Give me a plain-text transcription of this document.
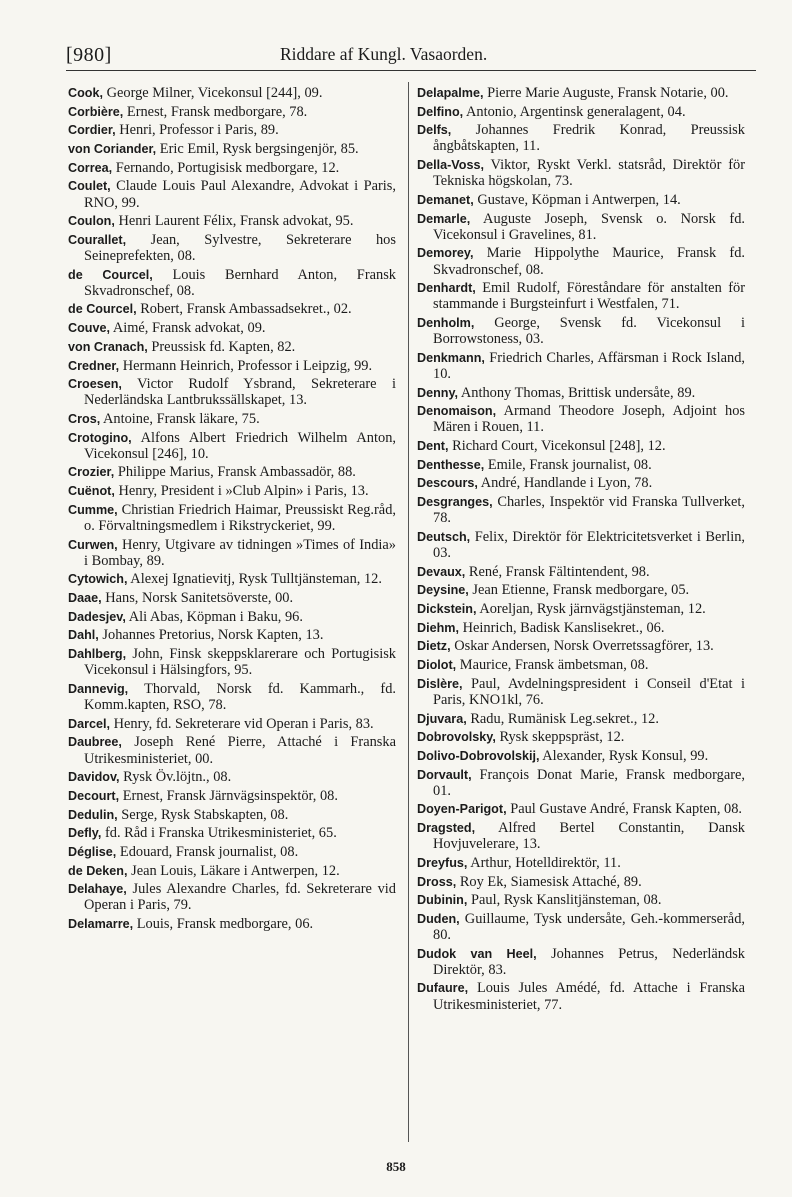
[980]	Riddare af Kungl. Vasaorden.

Cook, George Milner, Vicekonsul [244], 09.

Corbière, Ernest, Fransk medborgare, 78.

Cordier, Henri, Professor i Paris, 89.

von Coriander, Eric Emil, Rysk bergsingenjör, 85.

Correa, Fernando, Portugisisk medborgare, 12.

Coulet, Claude Louis Paul Alexandre, Advokat i Paris, RNO, 99.

Coulon, Henri Laurent Félix, Fransk advokat, 95.

Courallet, Jean, Sylvestre, Sekreterare hos Seineprefekten, 08.

de Courcel, Louis Bernhard Anton, Fransk Skvadronschef, 08.

de Courcel, Robert, Fransk Ambassadsekret., 02.

Couve, Aimé, Fransk advokat, 09.

von Cranach, Preussisk fd. Kapten, 82.

Credner, Hermann Heinrich, Professor i Leipzig, 99.

Croesen, Victor Rudolf Ysbrand, Sekreterare i Nederländska Lantbrukssällskapet, 13.

Cros, Antoine, Fransk läkare, 75.

Crotogino, Alfons Albert Friedrich Wilhelm Anton, Vicekonsul [246], 10.

Crozier, Philippe Marius, Fransk Ambassadör, 88.

Cuënot, Henry, President i »Club Alpin» i Paris, 13.

Cumme, Christian Friedrich Haimar, Preussiskt Reg.råd, o. Förvaltningsmedlem i Rikstryckeriet, 99.

Curwen, Henry, Utgivare av tidningen »Times of India» i Bombay, 89.

Cytowich, Alexej Ignatievitj, Rysk Tulltjänsteman, 12.

Daae, Hans, Norsk Sanitetsöverste, 00.

Dadesjev, Ali Abas, Köpman i Baku, 96.

Dahl, Johannes Pretorius, Norsk Kapten, 13.

Dahlberg, John, Finsk skeppsklarerare och Portugisisk Vicekonsul i Hälsingfors, 95.

Dannevig, Thorvald, Norsk fd. Kammarh., fd. Komm.kapten, RSO, 78.

Darcel, Henry, fd. Sekreterare vid Operan i Paris, 83.

Daubree, Joseph René Pierre, Attaché i Franska Utrikesministeriet, 00.

Davidov, Rysk Öv.löjtn., 08.

Decourt, Ernest, Fransk Järnvägsinspektör, 08.

Dedulin, Serge, Rysk Stabskapten, 08.

Defly, fd. Råd i Franska Utrikesministeriet, 65.

Déglise, Edouard, Fransk journalist, 08.

de Deken, Jean Louis, Läkare i Antwerpen, 12.

Delahaye, Jules Alexandre Charles, fd. Sekreterare vid Operan i Paris, 79.

Delamarre, Louis, Fransk medborgare, 06.

Delapalme, Pierre Marie Auguste, Fransk Notarie, 00.

Delfino, Antonio, Argentinsk generalagent, 04.

Delfs, Johannes Fredrik Konrad, Preussisk ångbåtskapten, 11.

Della-Voss, Viktor, Ryskt Verkl. statsråd, Direktör för Tekniska högskolan, 73.

Demanet, Gustave, Köpman i Antwerpen, 14.

Demarle, Auguste Joseph, Svensk o. Norsk fd. Vicekonsul i Gravelines, 81.

Demorey, Marie Hippolythe Maurice, Fransk fd. Skvadronschef, 08.

Denhardt, Emil Rudolf, Föreståndare för anstalten för stammande i Burgsteinfurt i Westfalen, 71.

Denholm, George, Svensk fd. Vicekonsul i Borrowstoness, 03.

Denkmann, Friedrich Charles, Affärsman i Rock Island, 10.

Denny, Anthony Thomas, Brittisk undersåte, 89.

Denomaison, Armand Theodore Joseph, Adjoint hos Mären i Rouen, 11.

Dent, Richard Court, Vicekonsul [248], 12.

Denthesse, Emile, Fransk journalist, 08.

Descours, André, Handlande i Lyon, 78.

Desgranges, Charles, Inspektör vid Franska Tullverket, 78.

Deutsch, Felix, Direktör för Elektricitetsverket i Berlin, 03.

Devaux, René, Fransk Fältintendent, 98.

Deysine, Jean Etienne, Fransk medborgare, 05.

Dickstein, Aoreljan, Rysk järnvägstjänsteman, 12.

Diehm, Heinrich, Badisk Kanslisekret., 06.

Dietz, Oskar Andersen, Norsk Overretssagförer, 13.

Diolot, Maurice, Fransk ämbetsman, 08.

Dislère, Paul, Avdelningspresident i Conseil d'Etat i Paris, KNO1kl, 76.

Djuvara, Radu, Rumänisk Leg.sekret., 12.

Dobrovolsky, Rysk skeppspräst, 12.

Dolivo-Dobrovolskij, Alexander, Rysk Konsul, 99.

Dorvault, François Donat Marie, Fransk medborgare, 01.

Doyen-Parigot, Paul Gustave André, Fransk Kapten, 08.

Dragsted, Alfred Bertel Constantin, Dansk Hovjuvelerare, 13.

Dreyfus, Arthur, Hotelldirektör, 11.

Dross, Roy Ek, Siamesisk Attaché, 89.

Dubinin, Paul, Rysk Kanslitjänsteman, 08.

Duden, Guillaume, Tysk undersåte, Geh.-kommerseråd, 80.

Dudok van Heel, Johannes Petrus, Nederländsk Direktör, 83.

Dufaure, Louis Jules Amédé, fd. Attache i Franska Utrikesministeriet, 77.

858
